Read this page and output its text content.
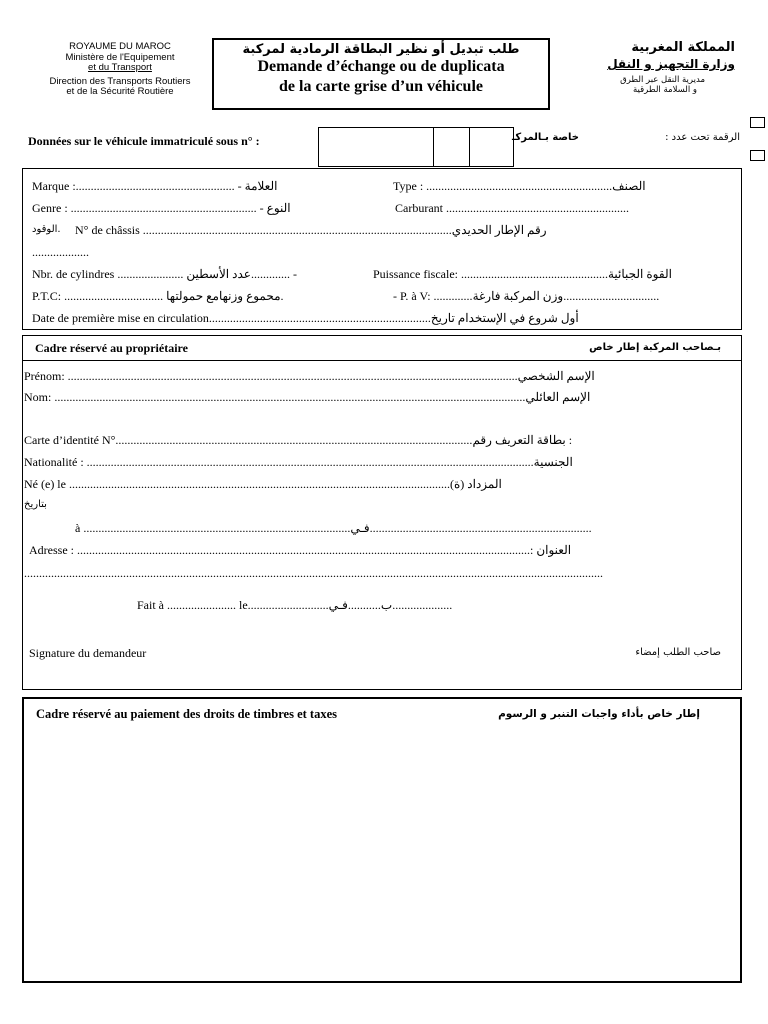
ROYAUME DU MAROC
Ministère de l'Equipement
et du Transport
Direction des Transports Routiers
et de la Sécurité Routière
طلب تبديل أو نظير البطاقة الرمادية لمركبة
Demande d’échange ou de duplicata
de la carte grise d’un véhicule
المملكة المغربية
وزارة التجهيز و النقل
مديرية النقل عبر الطرق
و السلامة الطرقية
Données sur le véhicule immatriculé sous n° :	خاصة بـالمركـ	الرقمة تحت عدد :
Marque :..................................................... - العلامة	Type : ..............................................................الصنف
Genre : .............................................................. - النوع	Carburant .............................................................
.الوقود	N° de châssis .......................................................................................................رقم الإطار الحديدي
...................
Nbr. de cylindres ...................... عدد الأسطين............. -	Puissance fiscale: .................................................القوة الجبائية
P.T.C: ................................. محموع وزنهامع حمولتها.	- P. à V: .............وزن المركبة فارغة................................
Date de première mise en circulation..........................................................................أول شروع في الإستخدام تاريخ
Cadre réservé au propriétaire	بـصاحب المركبة إطار خاص
Prénom: ......................................................................................................................................................الإسم الشخصي
Nom: .............................................................................................................................................................الإسم العائلي
Carte d’identité N°.......................................................................................................................بطاقة التعريف رقم :
Nationalité : .....................................................................................................................................................الجنسية
Né (e) le ...............................................................................................................................المزداد (ة)
بتاريخ
à .........................................................................................فـي..........................................................................
Adresse : .......................................................................................................................................................: العنوان
.................................................................................................................................................................................................
Fait à ....................... le...........................ب...........فـي....................
Signature du demandeur	صاحب الطلب إمضاء
Cadre réservé au paiement des droits de timbres et taxes	إطار خاص بأداء واجبات التنبر و الرسوم
